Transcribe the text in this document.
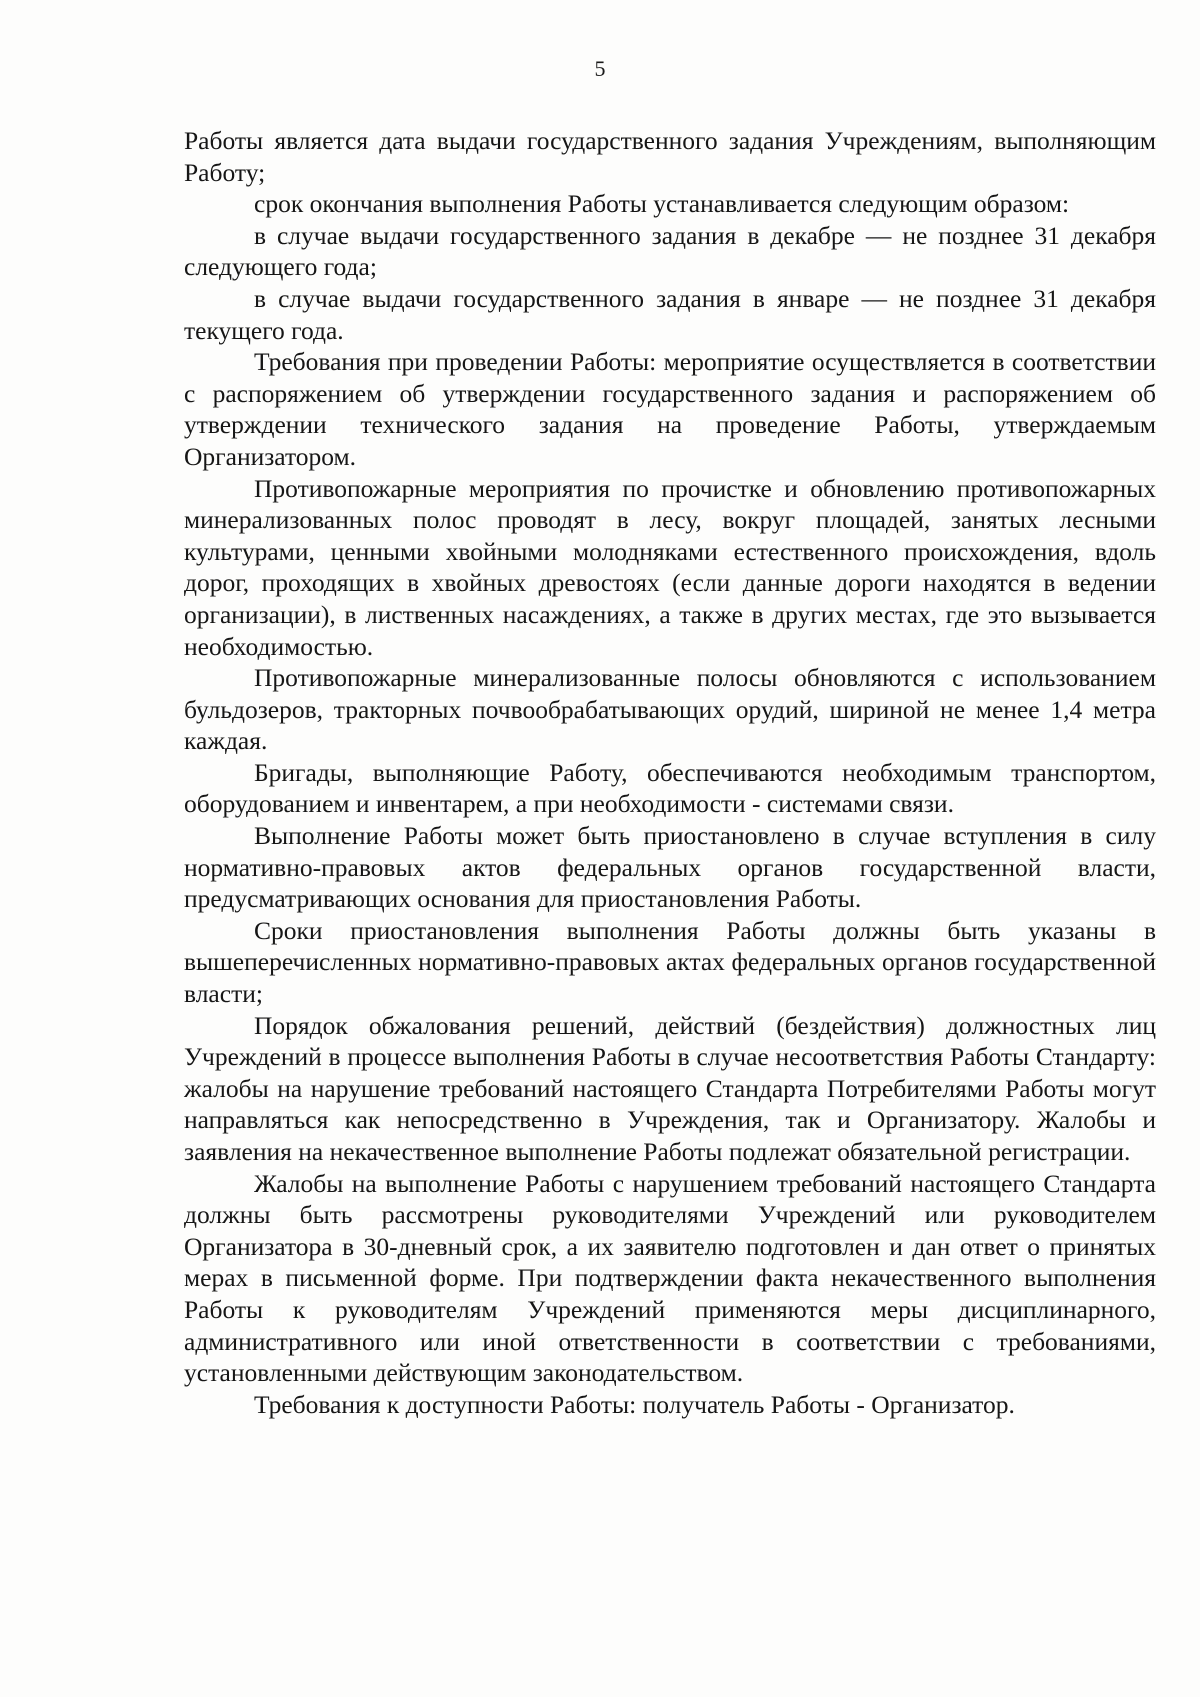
5

Работы является дата выдачи государственного задания Учреждениям, выполняющим Работу;

срок окончания выполнения Работы устанавливается следующим образом:

в случае выдачи государственного задания в декабре — не позднее 31 декабря следующего года;

в случае выдачи государственного задания в январе — не позднее 31 декабря текущего года.

Требования при проведении Работы: мероприятие осуществляется в соответствии с распоряжением об утверждении государственного задания и распоряжением об утверждении технического задания на проведение Работы, утверждаемым Организатором.

Противопожарные мероприятия по прочистке и обновлению противопожарных минерализованных полос проводят в лесу, вокруг площадей, занятых лесными культурами, ценными хвойными молодняками естественного происхождения, вдоль дорог, проходящих в хвойных древостоях (если данные дороги находятся в ведении организации), в лиственных насаждениях, а также в других местах, где это вызывается необходимостью.

Противопожарные минерализованные полосы обновляются с использованием бульдозеров, тракторных почвообрабатывающих орудий, шириной не менее 1,4 метра каждая.

Бригады, выполняющие Работу, обеспечиваются необходимым транспортом, оборудованием и инвентарем, а при необходимости - системами связи.

Выполнение Работы может быть приостановлено в случае вступления в силу нормативно-правовых актов федеральных органов государственной власти, предусматривающих основания для приостановления Работы.

Сроки приостановления выполнения Работы должны быть указаны в вышеперечисленных нормативно-правовых актах федеральных органов государственной власти;

Порядок обжалования решений, действий (бездействия) должностных лиц Учреждений в процессе выполнения Работы в случае несоответствия Работы Стандарту: жалобы на нарушение требований настоящего Стандарта Потребителями Работы могут направляться как непосредственно в Учреждения, так и Организатору. Жалобы и заявления на некачественное выполнение Работы подлежат обязательной регистрации.

Жалобы на выполнение Работы с нарушением требований настоящего Стандарта должны быть рассмотрены руководителями Учреждений или руководителем Организатора в 30-дневный срок, а их заявителю подготовлен и дан ответ о принятых мерах в письменной форме. При подтверждении факта некачественного выполнения Работы к руководителям Учреждений применяются меры дисциплинарного, административного или иной ответственности в соответствии с требованиями, установленными действующим законодательством.

Требования к доступности Работы: получатель Работы - Организатор.
